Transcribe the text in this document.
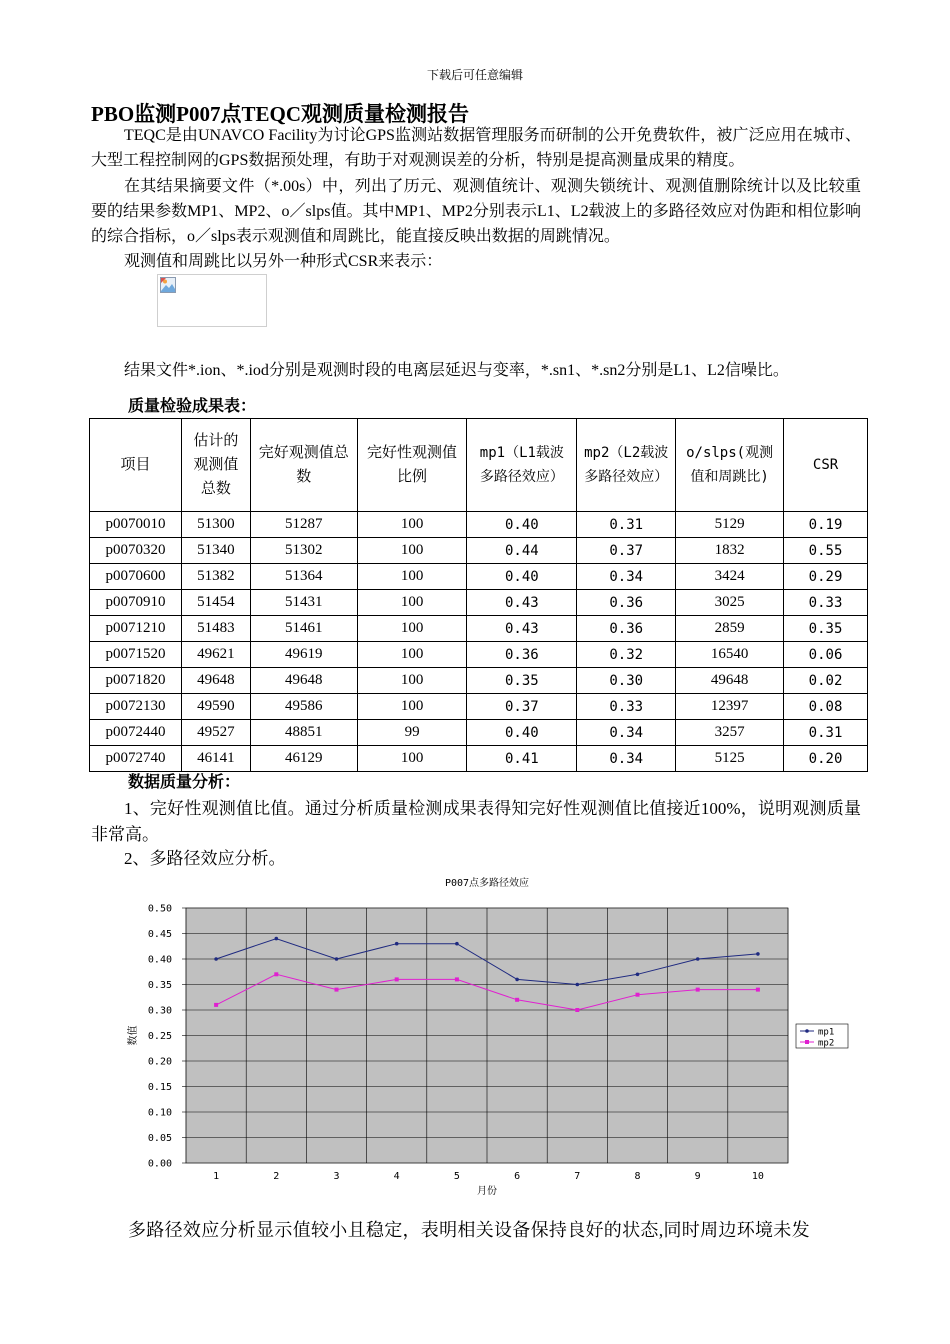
下载后可任意编辑
PBO监测P007点TEQC观测质量检测报告
TEQC是由UNAVCO Facility为讨论GPS监测站数据管理服务而研制的公开免费软件，被广泛应用在城市、大型工程控制网的GPS数据预处理，有助于对观测误差的分析，特别是提高测量成果的精度。
在其结果摘要文件（*.00s）中，列出了历元、观测值统计、观测失锁统计、观测值删除统计以及比较重要的结果参数MP1、MP2、o／slps值。其中MP1、MP2分别表示L1、L2载波上的多路径效应对伪距和相位影响的综合指标，o／slps表示观测值和周跳比，能直接反映出数据的周跳情况。
观测值和周跳比以另外一种形式CSR来表示：
结果文件*.ion、*.iod分别是观测时段的电离层延迟与变率，*.sn1、*.sn2分别是L1、L2信噪比。
质量检验成果表：
项目	估计的观测值总数	完好观测值总数	完好性观测值比例	mp1（L1载波多路径效应）	mp2（L2载波多路径效应）	o/slps(观测值和周跳比)	CSR
p0070010	51300	51287	100	0.40	0.31	5129	0.19
p0070320	51340	51302	100	0.44	0.37	1832	0.55
p0070600	51382	51364	100	0.40	0.34	3424	0.29
p0070910	51454	51431	100	0.43	0.36	3025	0.33
p0071210	51483	51461	100	0.43	0.36	2859	0.35
p0071520	49621	49619	100	0.36	0.32	16540	0.06
p0071820	49648	49648	100	0.35	0.30	49648	0.02
p0072130	49590	49586	100	0.37	0.33	12397	0.08
p0072440	49527	48851	99	0.40	0.34	3257	0.31
p0072740	46141	46129	100	0.41	0.34	5125	0.20
数据质量分析：
1、完好性观测值比值。通过分析质量检测成果表得知完好性观测值比值接近100%，说明观测质量非常高。
2、多路径效应分析。
P007点多路径效应
0.00
0.05
0.10
0.15
0.20
0.25
0.30
0.35
0.40
0.45
0.50
1	2	3	4	5	6	7	8	9	10
月份
数值	mp1
mp2
多路径效应分析显示值较小且稳定，表明相关设备保持良好的状态,同时周边环境未发
